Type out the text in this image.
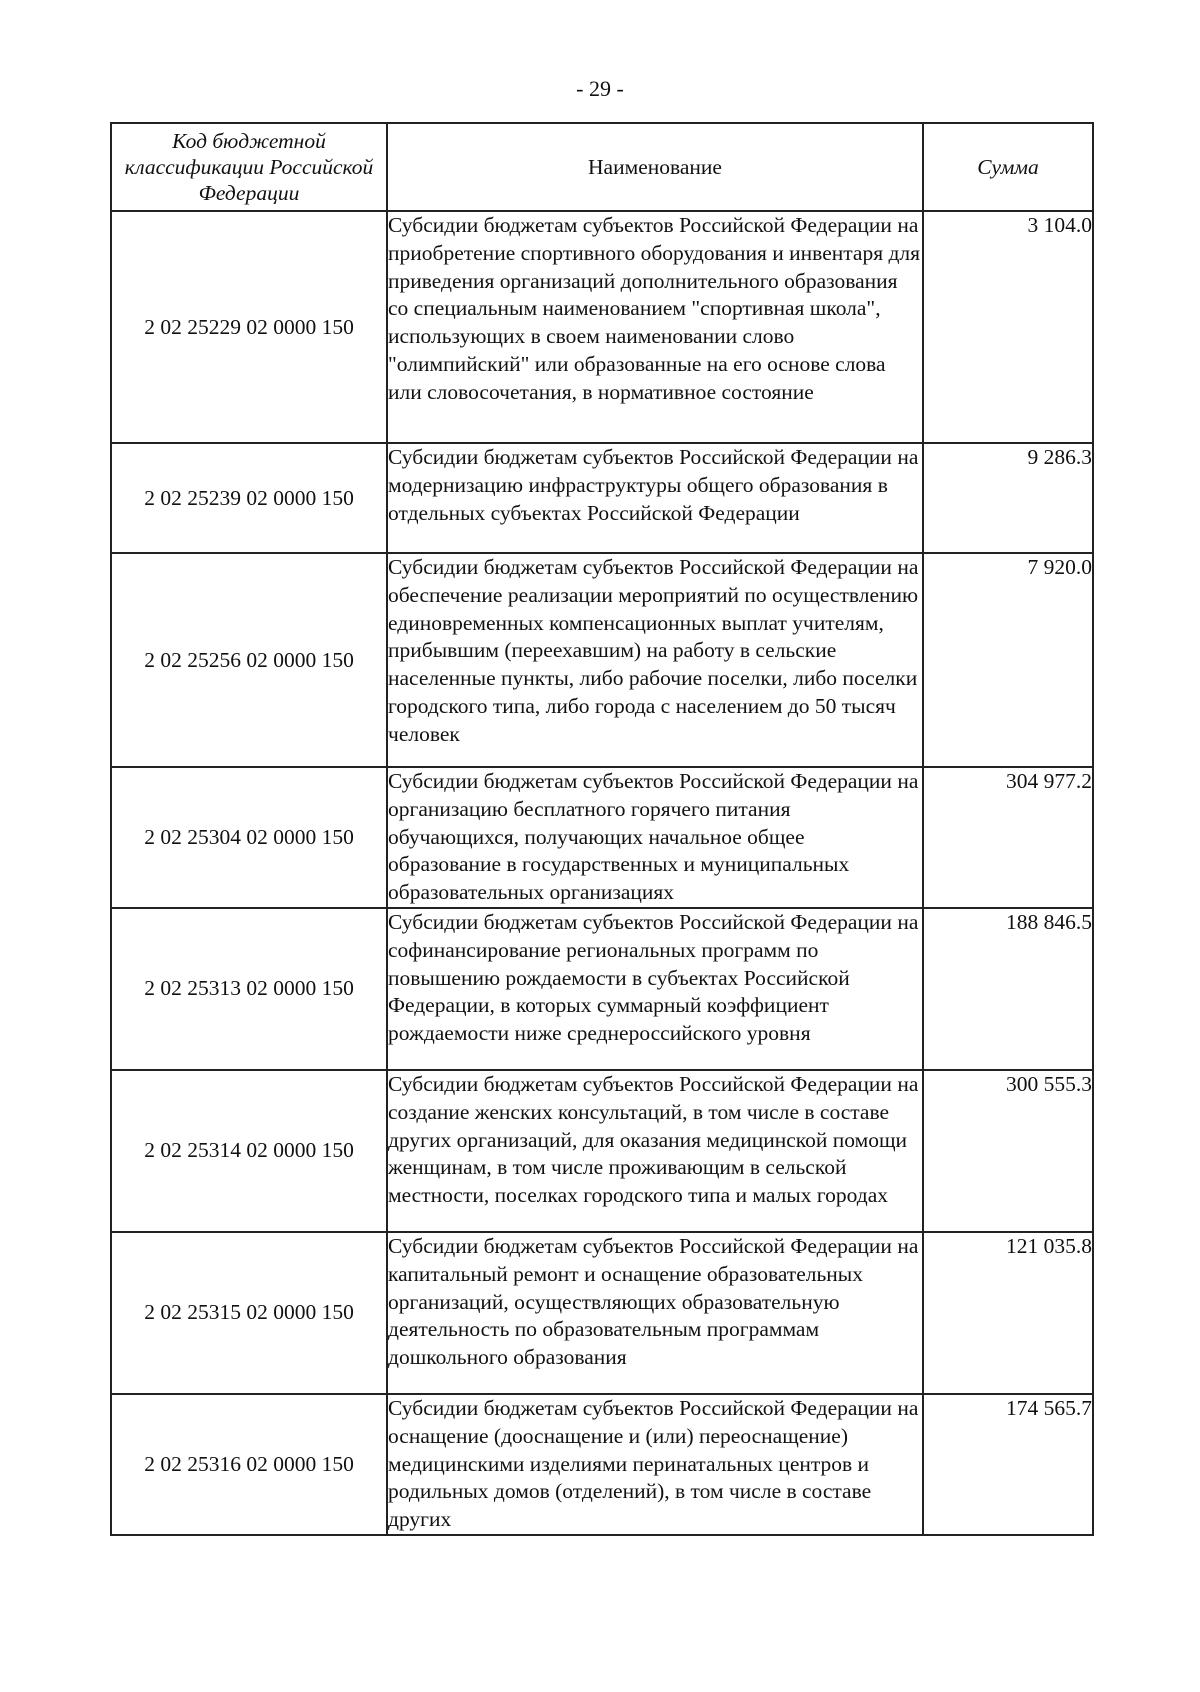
- 29 -
Код бюджетной классификации Российской Федерации	Наименование	Сумма
2 02 25229 02 0000 150	Субсидии бюджетам субъектов Российской Федерации на приобретение спортивного оборудования и инвентаря для приведения организаций дополнительного образования со специальным наименованием "спортивная школа", использующих в своем наименовании слово "олимпийский" или образованные на его основе слова или словосочетания, в нормативное состояние	3 104.0
2 02 25239 02 0000 150	Субсидии бюджетам субъектов Российской Федерации на модернизацию инфраструктуры общего образования в отдельных субъектах Российской Федерации	9 286.3
2 02 25256 02 0000 150	Субсидии бюджетам субъектов Российской Федерации на обеспечение реализации мероприятий по осуществлению единовременных компенсационных выплат учителям, прибывшим (переехавшим) на работу в сельские населенные пункты, либо рабочие поселки, либо поселки городского типа, либо города с населением до 50 тысяч человек	7 920.0
2 02 25304 02 0000 150	Субсидии бюджетам субъектов Российской Федерации на организацию бесплатного горячего питания обучающихся, получающих начальное общее образование в государственных и муниципальных образовательных организациях	304 977.2
2 02 25313 02 0000 150	Субсидии бюджетам субъектов Российской Федерации на софинансирование региональных программ по повышению рождаемости в субъектах Российской Федерации, в которых суммарный коэффициент рождаемости ниже среднероссийского уровня	188 846.5
2 02 25314 02 0000 150	Субсидии бюджетам субъектов Российской Федерации на создание женских консультаций, в том числе в составе других организаций, для оказания медицинской помощи женщинам, в том числе проживающим в сельской местности, поселках городского типа и малых городах	300 555.3
2 02 25315 02 0000 150	Субсидии бюджетам субъектов Российской Федерации на капитальный ремонт и оснащение образовательных организаций, осуществляющих образовательную деятельность по образовательным программам дошкольного образования	121 035.8
2 02 25316 02 0000 150	Субсидии бюджетам субъектов Российской Федерации на оснащение (дооснащение и (или) переоснащение) медицинскими изделиями перинатальных центров и родильных домов (отделений), в том числе в составе других	174 565.7
